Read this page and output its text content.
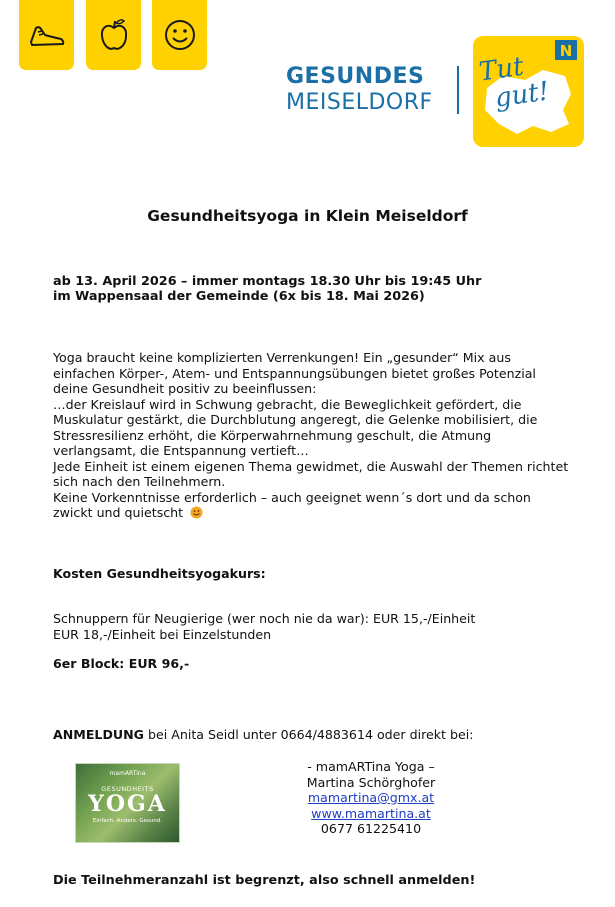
GESUNDES
MEISELDORF
N
Tut
gut!
Gesundheitsyoga in Klein Meiseldorf
ab 13. April 2026 – immer montags 18.30 Uhr bis 19:45 Uhr
im Wappensaal der Gemeinde (6x bis 18. Mai 2026)
Yoga braucht keine komplizierten Verrenkungen! Ein „gesunder“ Mix aus
einfachen Körper-, Atem- und Entspannungsübungen bietet großes Potenzial
deine Gesundheit positiv zu beeinflussen:
…der Kreislauf wird in Schwung gebracht, die Beweglichkeit gefördert, die
Muskulatur gestärkt, die Durchblutung angeregt, die Gelenke mobilisiert, die
Stressresilienz erhöht, die Körperwahrnehmung geschult, die Atmung
verlangsamt, die Entspannung vertieft…
Jede Einheit ist einem eigenen Thema gewidmet, die Auswahl der Themen richtet
sich nach den Teilnehmern.
Keine Vorkenntnisse erforderlich – auch geeignet wenn´s dort und da schon
zwickt und quietscht
Kosten Gesundheitsyogakurs:
Schnuppern für Neugierige (wer noch nie da war): EUR 15,-/Einheit
EUR 18,-/Einheit bei Einzelstunden
6er Block: EUR 96,-
ANMELDUNG bei Anita Seidl unter 0664/4883614 oder direkt bei:
mamARTina
GESUNDHEITS
YOGA
Einfach. Anders. Gesund.
- mamARTina Yoga –
Martina Schörghofer
mamartina@gmx.at
www.mamartina.at
0677 61225410
Die Teilnehmeranzahl ist begrenzt, also schnell anmelden!
